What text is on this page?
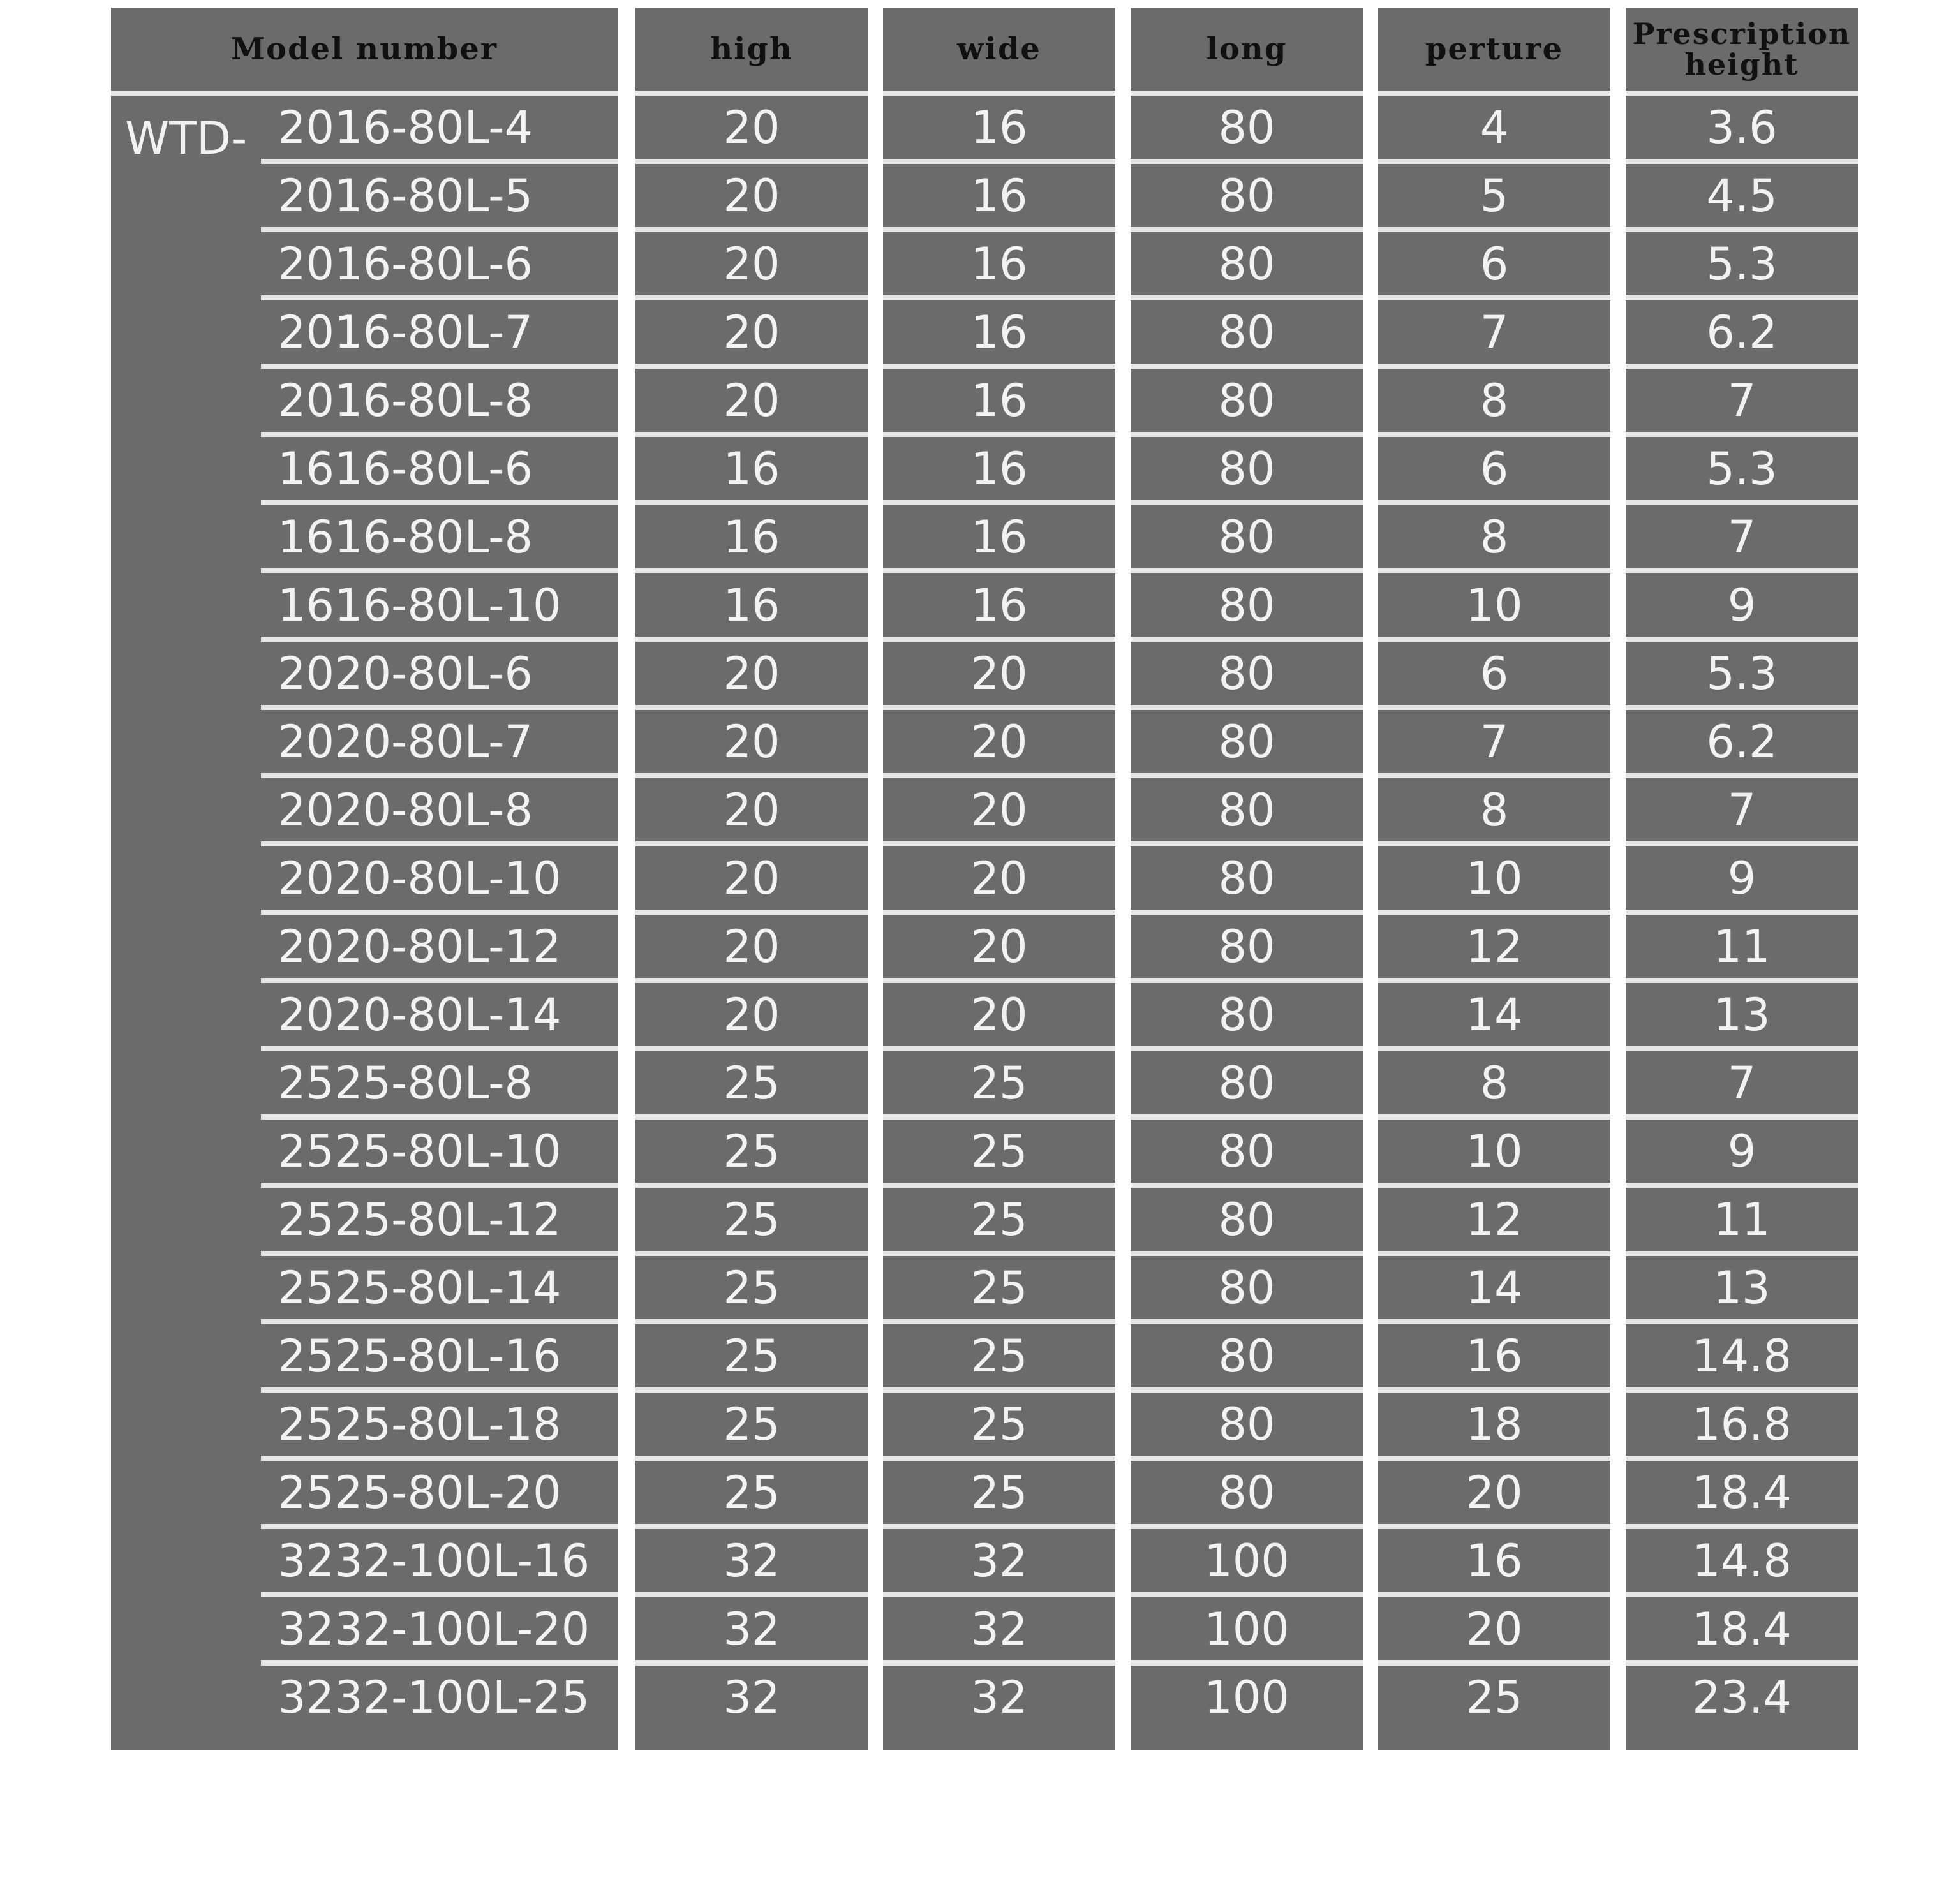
Model number
WTD- 2016-80L-4
2016-80L-5
2016-80L-6
2016-80L-7
2016-80L-8
1616-80L-6
1616-80L-8
1616-80L-10
2020-80L-6
2020-80L-7
2020-80L-8
2020-80L-10
2020-80L-12
2020-80L-14
2525-80L-8
2525-80L-10
2525-80L-12
2525-80L-14
2525-80L-16
2525-80L-18
2525-80L-20
3232-100L-16
3232-100L-20
3232-100L-25
high
20
20
20
20
20
16
16
16
20
20
20
20
20
20
25
25
25
25
25
25
25
32
32
32
wide
16
16
16
16
16
16
16
16
20
20
20
20
20
20
25
25
25
25
25
25
25
32
32
32
long
80
80
80
80
80
80
80
80
80
80
80
80
80
80
80
80
80
80
80
80
80
100
100
100
perture
4
5
6
7
8
6
8
10
6
7
8
10
12
14
8
10
12
14
16
18
20
16
20
25
Prescription
height
3.6
4.5
5.3
6.2
7
5.3
7
9
5.3
6.2
7
9
11
13
7
9
11
13
14.8
16.8
18.4
14.8
18.4
23.4
